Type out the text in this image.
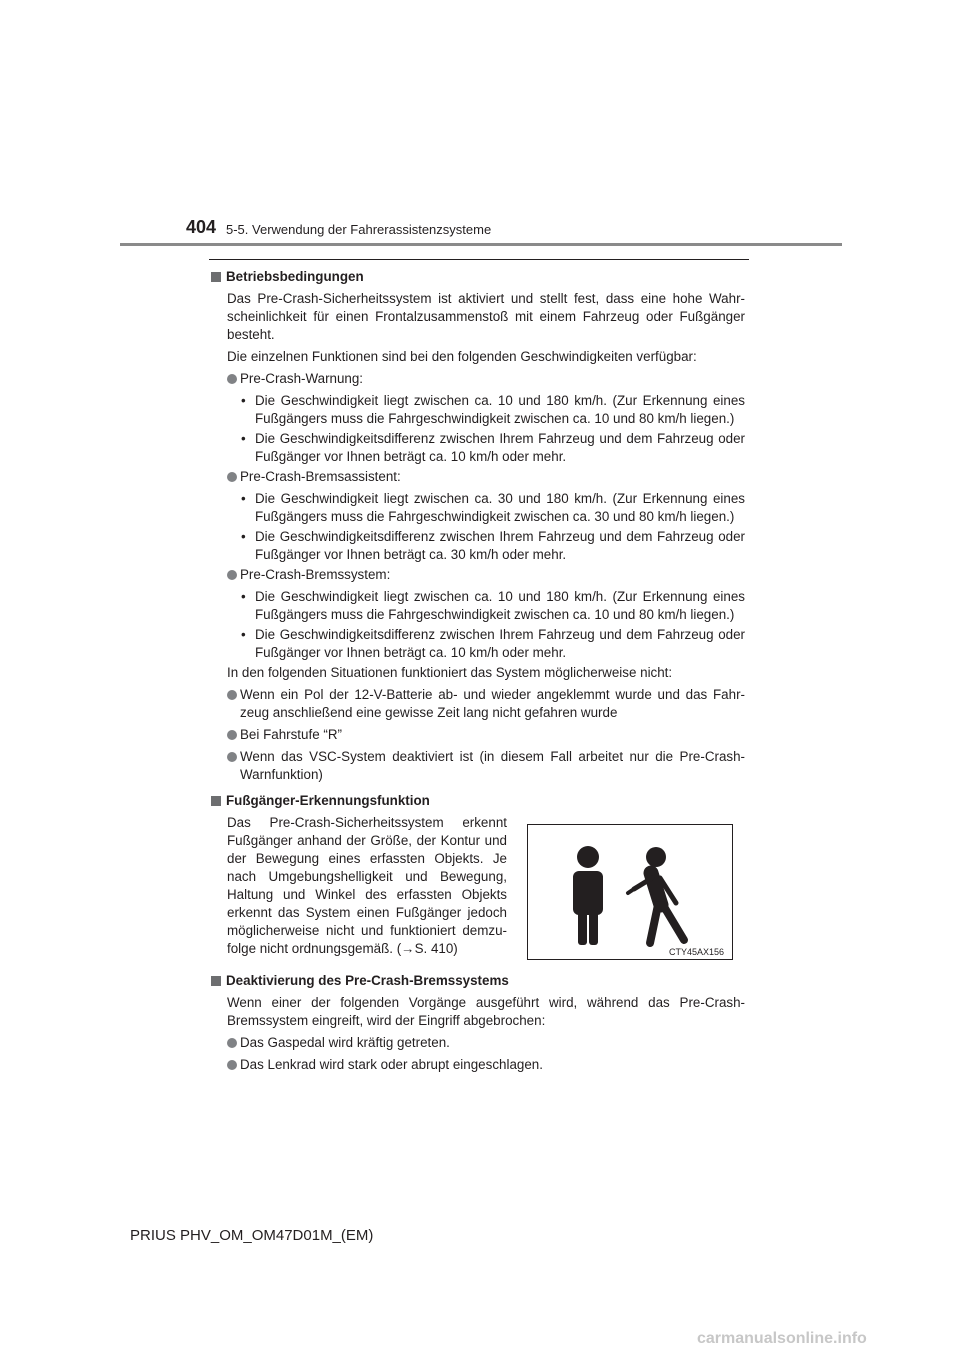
404 5-5. Verwendung der Fahrerassistenzsysteme
Betriebsbedingungen

Das Pre-Crash-Sicherheitssystem ist aktiviert und stellt fest, dass eine hohe Wahr-scheinlichkeit für einen Frontalzusammenstoß mit einem Fahrzeug oder Fußgänger besteht.

Die einzelnen Funktionen sind bei den folgenden Geschwindigkeiten verfügbar:

Pre-Crash-Warnung:
• Die Geschwindigkeit liegt zwischen ca. 10 und 180 km/h. (Zur Erkennung eines Fußgängers muss die Fahrgeschwindigkeit zwischen ca. 10 und 80 km/h liegen.)
• Die Geschwindigkeitsdifferenz zwischen Ihrem Fahrzeug und dem Fahrzeug oder Fußgänger vor Ihnen beträgt ca. 10 km/h oder mehr.
Pre-Crash-Bremsassistent:
• Die Geschwindigkeit liegt zwischen ca. 30 und 180 km/h. (Zur Erkennung eines Fußgängers muss die Fahrgeschwindigkeit zwischen ca. 30 und 80 km/h liegen.)
• Die Geschwindigkeitsdifferenz zwischen Ihrem Fahrzeug und dem Fahrzeug oder Fußgänger vor Ihnen beträgt ca. 30 km/h oder mehr.
Pre-Crash-Bremssystem:
• Die Geschwindigkeit liegt zwischen ca. 10 und 180 km/h. (Zur Erkennung eines Fußgängers muss die Fahrgeschwindigkeit zwischen ca. 10 und 80 km/h liegen.)
• Die Geschwindigkeitsdifferenz zwischen Ihrem Fahrzeug und dem Fahrzeug oder Fußgänger vor Ihnen beträgt ca. 10 km/h oder mehr.

In den folgenden Situationen funktioniert das System möglicherweise nicht:

Wenn ein Pol der 12-V-Batterie ab- und wieder angeklemmt wurde und das Fahr-zeug anschließend eine gewisse Zeit lang nicht gefahren wurde
Bei Fahrstufe “R”
Wenn das VSC-System deaktiviert ist (in diesem Fall arbeitet nur die Pre-Crash-Warnfunktion)
Fußgänger-Erkennungsfunktion
Das Pre-Crash-Sicherheitssystem erkennt Fußgänger anhand der Größe, der Kontur und der Bewegung eines erfassten Objekts. Je nach Umgebungshelligkeit und Bewegung, Haltung und Winkel des erfassten Objekts erkennt das System einen Fußgänger jedoch möglicherweise nicht und funktioniert demzu-folge nicht ordnungsgemäß. (→S. 410)	CTY45AX156
Deaktivierung des Pre-Crash-Bremssystems

Wenn einer der folgenden Vorgänge ausgeführt wird, während das Pre-Crash-Bremssystem eingreift, wird der Eingriff abgebrochen:

Das Gaspedal wird kräftig getreten.
Das Lenkrad wird stark oder abrupt eingeschlagen.
PRIUS PHV_OM_OM47D01M_(EM)
carmanualsonline.info
